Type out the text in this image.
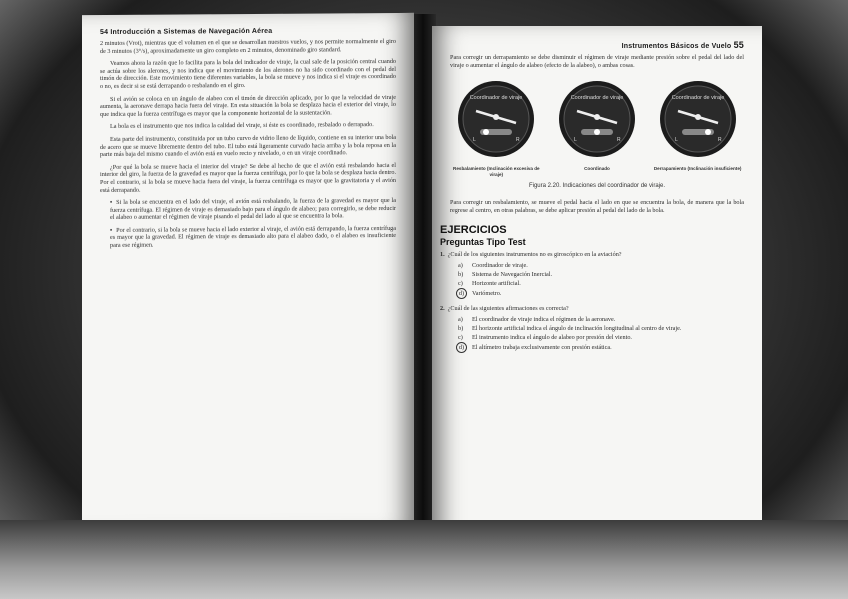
54 Introducción a Sistemas de Navegación Aérea

2 minutos (Vrot), mientras que el volumen en el que se desarrollan nuestros vuelos, y nos permite normalmente el giro de 3 minutos (3°/s), aproximadamente un giro completo en 2 minutos, denominado giro standard.

Veamos ahora la razón que lo facilita para la bola del indicador de viraje, la cual sale de la posición central cuando se actúa sobre los alerones, y nos indica que el movimiento de los alerones no ha sido coordinado con el pedal del timón de dirección. Este movimiento tiene diferentes variables, la bola se mueve y nos indica si el viraje es coordinado o no, es decir si se está derrapando o resbalando en el giro.

Si el avión se coloca en un ángulo de alabeo con el timón de dirección aplicado, por lo que la velocidad de viraje aumenta, la aeronave derrapa hacia fuera del viraje. En esta situación la bola se desplaza hacia el exterior del viraje, lo que indica que la fuerza centrífuga es mayor que la componente horizontal de la sustentación.

La bola es el instrumento que nos indica la calidad del viraje, si éste es coordinado, resbalado o derrapado.

Esta parte del instrumento, constituida por un tubo curvo de vidrio lleno de líquido, contiene en su interior una bola de acero que se mueve libremente dentro del tubo. El tubo está ligeramente curvado hacia arriba y la bola reposa en la parte más baja del mismo cuando el avión está en vuelo recto y nivelado, o en un viraje coordinado.

¿Por qué la bola se mueve hacia el interior del viraje? Se debe al hecho de que el avión está resbalando hacia el interior del giro, la fuerza de la gravedad es mayor que la fuerza centrífuga, por lo que la bola se desplaza hacia dentro. Por el contrario, si la bola se mueve hacia fuera del viraje, la fuerza centrífuga es mayor que la gravitatoria y el avión está derrapando.

• Si la bola se encuentra en el lado del viraje, el avión está resbalando, la fuerza de la gravedad es mayor que la fuerza centrífuga. El régimen de viraje es demasiado bajo para el ángulo de alabeo; para corregirlo, se debe reducir el alabeo o aumentar el régimen de viraje pisando el pedal del lado al que se encuentra la bola.

• Por el contrario, si la bola se mueve hacia el lado exterior al viraje, el avión está derrapando, la fuerza centrífuga es mayor que la gravedad. El régimen de viraje es demasiado alto para el alabeo dado, o el alabeo es insuficiente para ese régimen.

Instrumentos Básicos de Vuelo 55

Para corregir un derrapamiento se debe disminuir el régimen de viraje mediante presión sobre el pedal del lado del viraje o aumentar el ángulo de alabeo (efecto de la alabeo), o ambas cosas.

Coordinador de viraje
L	R
Resbalamiento (Inclinación excesiva de viraje)
Coordinador de viraje
L	R
Coordinado
Coordinador de viraje
L	R
Derrapamiento (Inclinación insuficiente)
Figura 2.20. Indicaciones del coordinador de viraje.

Para corregir un resbalamiento, se mueve el pedal hacia el lado en que se encuentra la bola, de manera que la bola regrese al centro, en otras palabras, se debe aplicar presión al pedal del lado de la bola.

EJERCICIOS
Preguntas Tipo Test
1. ¿Cuál de los siguientes instrumentos no es giroscópico en la aviación?
a) Coordinador de viraje.
b) Sistema de Navegación Inercial.
c) Horizonte artificial.
d) Variómetro.
2. ¿Cuál de las siguientes afirmaciones es correcta?
a) El coordinador de viraje indica el régimen de la aeronave.
b) El horizonte artificial indica el ángulo de inclinación longitudinal al centro de viraje.
c) El instrumento indica el ángulo de alabeo por presión del viento.
d) El altímetro trabaja exclusivamente con presión estática.
